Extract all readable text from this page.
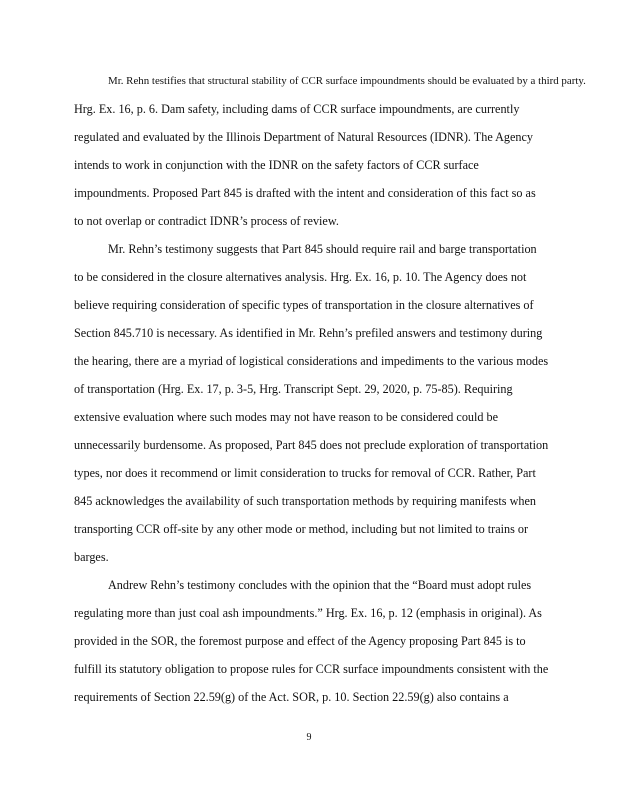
Mr. Rehn testifies that structural stability of CCR surface impoundments should be evaluated by a third party.
Hrg. Ex. 16, p. 6. Dam safety, including dams of CCR surface impoundments, are currently
regulated and evaluated by the Illinois Department of Natural Resources (IDNR). The Agency
intends to work in conjunction with the IDNR on the safety factors of CCR surface
impoundments. Proposed Part 845 is drafted with the intent and consideration of this fact so as
to not overlap or contradict IDNR’s process of review.
Mr. Rehn’s testimony suggests that Part 845 should require rail and barge transportation
to be considered in the closure alternatives analysis. Hrg. Ex. 16, p. 10. The Agency does not
believe requiring consideration of specific types of transportation in the closure alternatives of
Section 845.710 is necessary. As identified in Mr. Rehn’s prefiled answers and testimony during
the hearing, there are a myriad of logistical considerations and impediments to the various modes
of transportation (Hrg. Ex. 17, p. 3-5, Hrg. Transcript Sept. 29, 2020, p. 75-85). Requiring
extensive evaluation where such modes may not have reason to be considered could be
unnecessarily burdensome. As proposed, Part 845 does not preclude exploration of transportation
types, nor does it recommend or limit consideration to trucks for removal of CCR. Rather, Part
845 acknowledges the availability of such transportation methods by requiring manifests when
transporting CCR off-site by any other mode or method, including but not limited to trains or
barges.
Andrew Rehn’s testimony concludes with the opinion that the “Board must adopt rules
regulating more than just coal ash impoundments.” Hrg. Ex. 16, p. 12 (emphasis in original). As
provided in the SOR, the foremost purpose and effect of the Agency proposing Part 845 is to
fulfill its statutory obligation to propose rules for CCR surface impoundments consistent with the
requirements of Section 22.59(g) of the Act. SOR, p. 10. Section 22.59(g) also contains a
9
